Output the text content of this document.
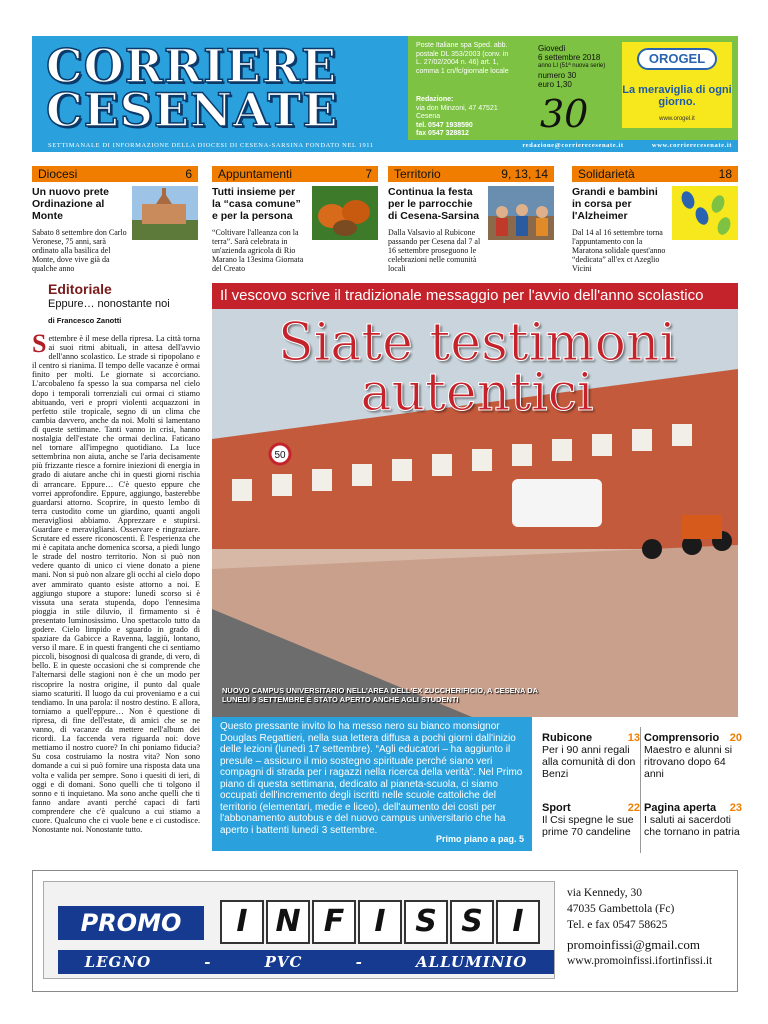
CORRIERE
CESENATE
Poste Italiane spa Sped. abb. postale DL 353/2003 (conv. in L. 27/02/2004 n. 46) art. 1, comma 1 cn/fc/giornale locale
Redazione:
via don Minzoni, 47 47521 Cesena
tel. 0547 1938590
fax 0547 328812
Giovedì
6 settembre 2018
anno LI (51ª nuova serie)
numero 30
euro 1,30
30
OROGEL
La meraviglia di ogni giorno.
www.orogel.it
SETTIMANALE DI INFORMAZIONE DELLA DIOCESI DI CESENA-SARSINA FONDATO NEL 1911	redazione@corrierecesenate.it	www.corrierecesenate.it
Diocesi	6
Un nuovo prete Ordinazione al Monte
Sabato 8 settembre don Carlo Veronese, 75 anni, sarà ordinato alla basilica del Monte, dove vive già da qualche anno
Appuntamenti	7
Tutti insieme per la “casa comune” e per la persona
“Coltivare l'alleanza con la terra”. Sarà celebrata in un'azienda agricola di Rio Marano la 13esima Giornata del Creato
Territorio	9, 13, 14
Continua la festa per le parrocchie di Cesena-Sarsina
Dalla Valsavio al Rubicone passando per Cesena dal 7 al 16 settembre proseguono le celebrazioni nelle comunità locali
Solidarietà	18
Grandi e bambini in corsa per l'Alzheimer
Dal 14 al 16 settembre torna l'appuntamento con la Maratona solidale quest'anno “dedicata” all'ex ct Azeglio Vicini
Editoriale
Eppure… nonostante noi
di Francesco Zanotti
Settembre è il mese della ripresa. La città torna ai suoi ritmi abituali, in attesa dell'avvio dell'anno scolastico. Le strade si ripopolano e il centro si rianima. Il tempo delle vacanze è ormai finito per molti. Le giornate si accorciano. L'arcobaleno fa spesso la sua comparsa nel cielo dopo i temporali torrenziali cui ormai ci stiamo abituando, veri e propri violenti acquazzoni in perfetto stile tropicale, segno di un clima che cambia davvero, anche da noi. Molti si lamentano di queste settimane. Tanti vanno in crisi, hanno nostalgia dell'estate che ormai declina. Faticano nel tornare all'impegno quotidiano. La luce settembrina non aiuta, anche se l'aria decisamente più frizzante riesce a fornire iniezioni di energia in grado di aiutare anche chi in questi giorni rischia di arrancare. Eppure… C'è questo eppure che vorrei approfondire. Eppure, aggiungo, basterebbe guardarsi attorno. Scoprire, in questo lembo di terra custodito come un giardino, quanti angoli meravigliosi abbiamo. Apprezzare e stupirsi. Guardare e meravigliarsi. Osservare e ringraziare. Scrutare ed essere riconoscenti. È l'esperienza che mi è capitata anche domenica scorsa, a piedi lungo le strade del nostro territorio. Non si può non vedere quanto di unico ci viene donato a piene mani. Non si può non alzare gli occhi al cielo dopo aver ammirato quanto esiste attorno a noi. E aggiungo stupore a stupore: lunedì scorso si è vissuta una serata stupenda, dopo l'ennesima pioggia in stile diluvio, il firmamento si è presentato luminosissimo. Uno spettacolo tutto da godere. Cielo limpido e sguardo in grado di spaziare da Gabicce a Ravenna, laggiù, lontano, verso il mare. E in questi frangenti che ci sentiamo piccoli, bisognosi di qualcosa di grande, di vero, di bello. E in queste occasioni che si comprende che l'alternarsi delle stagioni non è che un modo per riscoprire la nostra origine, il punto dal quale siamo scaturiti. Il luogo da cui proveniamo e a cui tendiamo. In una parola: il nostro destino. E allora, torniamo a quell'eppure… Non è questione di ripresa, di fine dell'estate, di amici che se ne vanno, di vacanze da mettere nell'album dei ricordi. La faccenda vera riguarda noi: dove mettiamo il nostro cuore? In chi poniamo fiducia? Su cosa costruiamo la nostra vita? Non sono domande a cui si può fornire una risposta data una volta e valida per sempre. Sono i quesiti di ieri, di oggi e di domani. Sono quelli che ti tolgono il sonno e ti inquietano. Ma sono anche quelli che ti fanno andare avanti perché capaci di farti comprendere che c'è qualcuno a cui stiamo a cuore. Qualcuno che ci vuole bene e ci custodisce. Nonostante noi. Nonostante tutto.
Il vescovo scrive il tradizionale messaggio per l'avvio dell'anno scolastico
50
Siate testimoni autentici
NUOVO CAMPUS UNIVERSITARIO NELL'AREA DELL'EX ZUCCHERIFICIO, A CESENA DA LUNEDÌ 3 SETTEMBRE È STATO APERTO ANCHE AGLI STUDENTI
Questo pressante invito lo ha messo nero su bianco monsignor Douglas Regattieri, nella sua lettera diffusa a pochi giorni dall'inizio delle lezioni (lunedì 17 settembre). “Agli educatori – ha aggiunto il presule – assicuro il mio sostegno spirituale perché siano veri compagni di strada per i ragazzi nella ricerca della verità”. Nel Primo piano di questa settimana, dedicato al pianeta-scuola, ci siamo occupati dell'incremento degli iscritti nelle scuole cattoliche del territorio (elementari, medie e liceo), dell'aumento dei costi per l'abbonamento autobus e del nuovo campus universitario che ha aperto i battenti lunedì 3 settembre.
Primo piano a pag. 5
Rubicone	13
Per i 90 anni regali alla comunità di don Benzi
Comprensorio 20
Maestro e alunni si ritrovano dopo 64 anni
Sport	22
Il Csi spegne le sue prime 70 candeline
Pagina aperta 23
I saluti ai sacerdoti che tornano in patria
PROMO	I N F	I S S I
LEGNO	-	PVC	-	ALLUMINIO
via Kennedy, 30
47035 Gambettola (Fc)
Tel. e fax 0547 58625
promoinfissi@gmail.com
www.promoinfissi.ifortinfissi.it
